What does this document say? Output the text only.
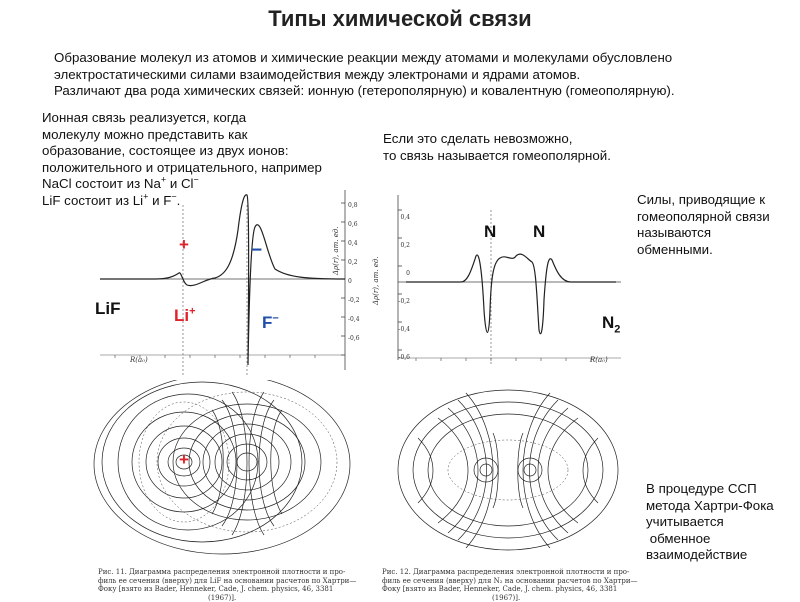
Типы химической связи
Образование молекул из атомов и химические реакции между атомами и молекулами обусловлено
электростатическими силами взаимодействия между электронами и ядрами атомов.
Различают два рода химических связей: ионную (гетерополярную) и ковалентную (гомеополярную).
0,8
0,6
0,4
0,2
0
-0,2
-0,4
-0,6
Δρ(r), ат. ед.
R(a₀)
+	−
LiF	Li+
F−
+
Рис. 11. Диаграмма распределения электронной плотности и про-
филь ее сечения (вверху) для LiF на основании расчетов по Хартри—
Фоку [взято из Bader, Henneker, Cade, J. chem. physics, 46, 3381
(1967)].
Ионная связь реализуется, когда
молекулу можно представить как
образование, состоящее из двух ионов:
положительного и отрицательного, например
NaCl состоит из Na+ и Cl−
LiF состоит из Li+ и F−.
Если это сделать невозможно,
то связь называется гомеополярной.
0,4
0,2
0
-0,2
-0,4
-0,6
Δρ(r), ат. ед.
R(a₀)
N N
$N_2$
Рис. 12. Диаграмма распределения электронной плотности и про-
филь ее сечения (вверху) для N₂ на основании расчетов по Хартри—
Фоку [взято из Bader, Henneker, Cade, J. chem. physics, 46, 3381
(1967)].
Силы, приводящие к
гомеополярной связи
называются
обменными.
В процедуре ССП
метода Хартри-Фока
учитывается
обменное
взаимодействие
